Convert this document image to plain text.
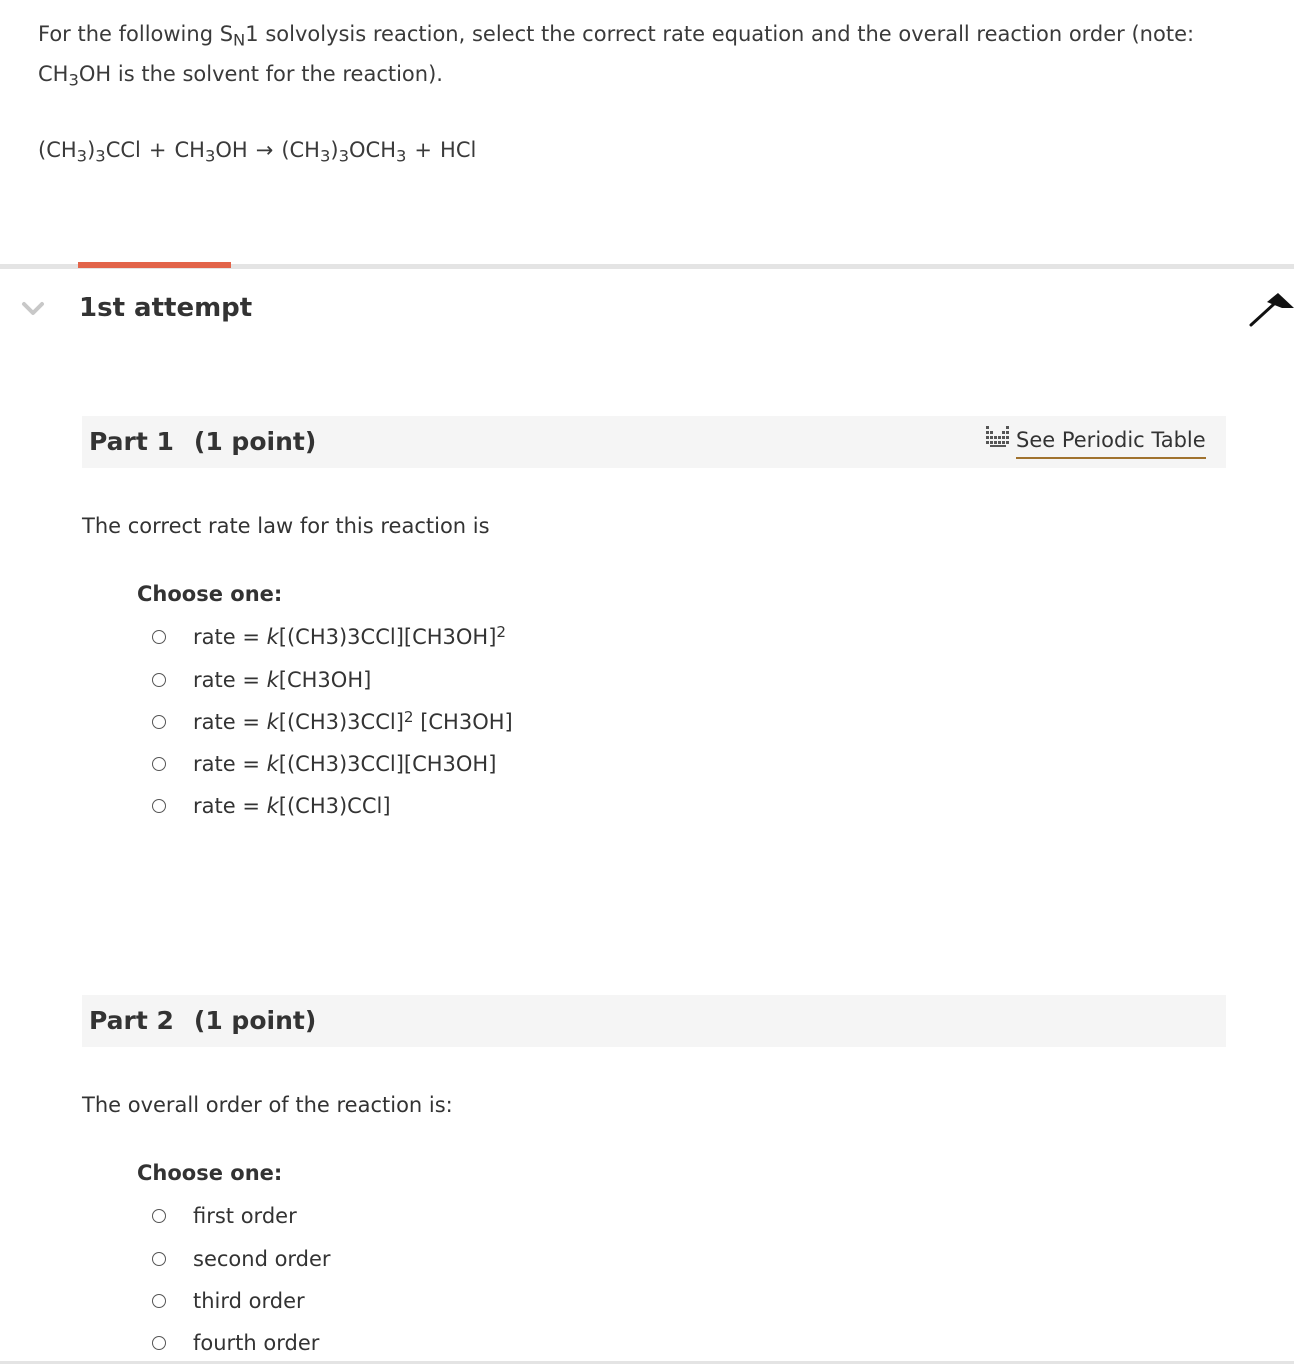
For the following $S_N1$ solvolysis reaction, select the correct rate equation and the overall reaction order (note: $CH_3OH$ is the solvent for the reaction).
$(CH_3)_3CCl + CH_3OH \to (CH_3)_3OCH_3$ + HCl
1st attempt
Part 1 (1 point)	See Periodic Table
The correct rate law for this reaction is
Choose one:
rate = $k[(CH3)3CCl][CH3OH]^2$
rate = k[CH3OH]
rate = $k[(CH3)3CCl]^2$ [CH3OH]
rate = k[(CH3)3CCl][CH3OH]
rate = k[(CH3)CCl]
Part 2 (1 point)
The overall order of the reaction is:
Choose one:
first order
second order
third order
fourth order
